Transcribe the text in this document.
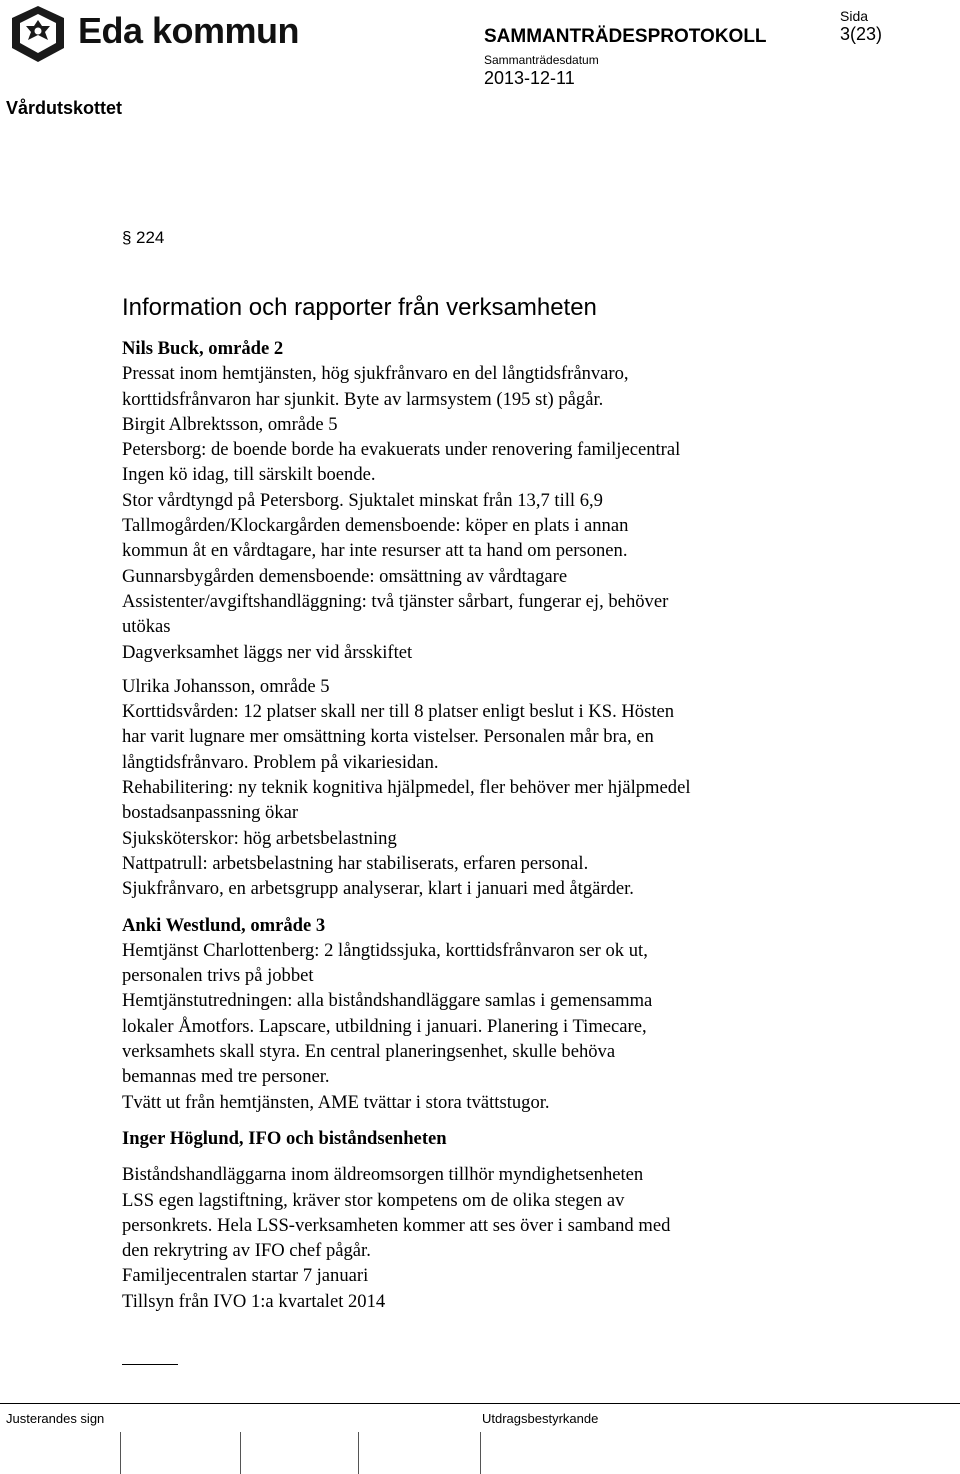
Eda kommun	SAMMANTRÄDESPROTOKOLL
Sammanträdesdatum
2013-12-11
Sida
3(23)
Vårdutskottet
§ 224
Information och rapporter från verksamheten
Nils Buck, område 2
Pressat inom hemtjänsten, hög sjukfrånvaro en del långtidsfrånvaro,
korttidsfrånvaron har sjunkit. Byte av larmsystem (195 st) pågår.
Birgit Albrektsson, område 5
Petersborg: de boende borde ha evakuerats under renovering familjecentral
Ingen kö idag, till särskilt boende.
Stor vårdtyngd på Petersborg. Sjuktalet minskat från 13,7 till 6,9
Tallmogården/Klockargården demensboende: köper en plats i annan
kommun åt en vårdtagare, har inte resurser att ta hand om personen.
Gunnarsbygården demensboende: omsättning av vårdtagare
Assistenter/avgiftshandläggning: två tjänster sårbart, fungerar ej, behöver
utökas
Dagverksamhet läggs ner vid årsskiftet
Ulrika Johansson, område 5
Korttidsvården: 12 platser skall ner till 8 platser enligt beslut i KS. Hösten
har varit lugnare mer omsättning korta vistelser. Personalen mår bra, en
långtidsfrånvaro. Problem på vikariesidan.
Rehabilitering: ny teknik kognitiva hjälpmedel, fler behöver mer hjälpmedel
bostadsanpassning ökar
Sjuksköterskor: hög arbetsbelastning
Nattpatrull: arbetsbelastning har stabiliserats, erfaren personal.
Sjukfrånvaro, en arbetsgrupp analyserar, klart i januari med åtgärder.
Anki Westlund, område 3
Hemtjänst Charlottenberg: 2 långtidssjuka, korttidsfrånvaron ser ok ut,
personalen trivs på jobbet
Hemtjänstutredningen: alla biståndshandläggare samlas i gemensamma
lokaler Åmotfors. Lapscare, utbildning i januari. Planering i Timecare,
verksamhets skall styra. En central planeringsenhet, skulle behöva
bemannas med tre personer.
Tvätt ut från hemtjänsten, AME tvättar i stora tvättstugor.
Inger Höglund, IFO och biståndsenheten
Biståndshandläggarna inom äldreomsorgen tillhör myndighetsenheten
LSS egen lagstiftning, kräver stor kompetens om de olika stegen av
personkrets. Hela LSS-verksamheten kommer att ses över i samband med
den rekrytring av IFO chef pågår.
Familjecentralen startar 7 januari
Tillsyn från IVO 1:a kvartalet 2014
Justerandes sign	Utdragsbestyrkande
